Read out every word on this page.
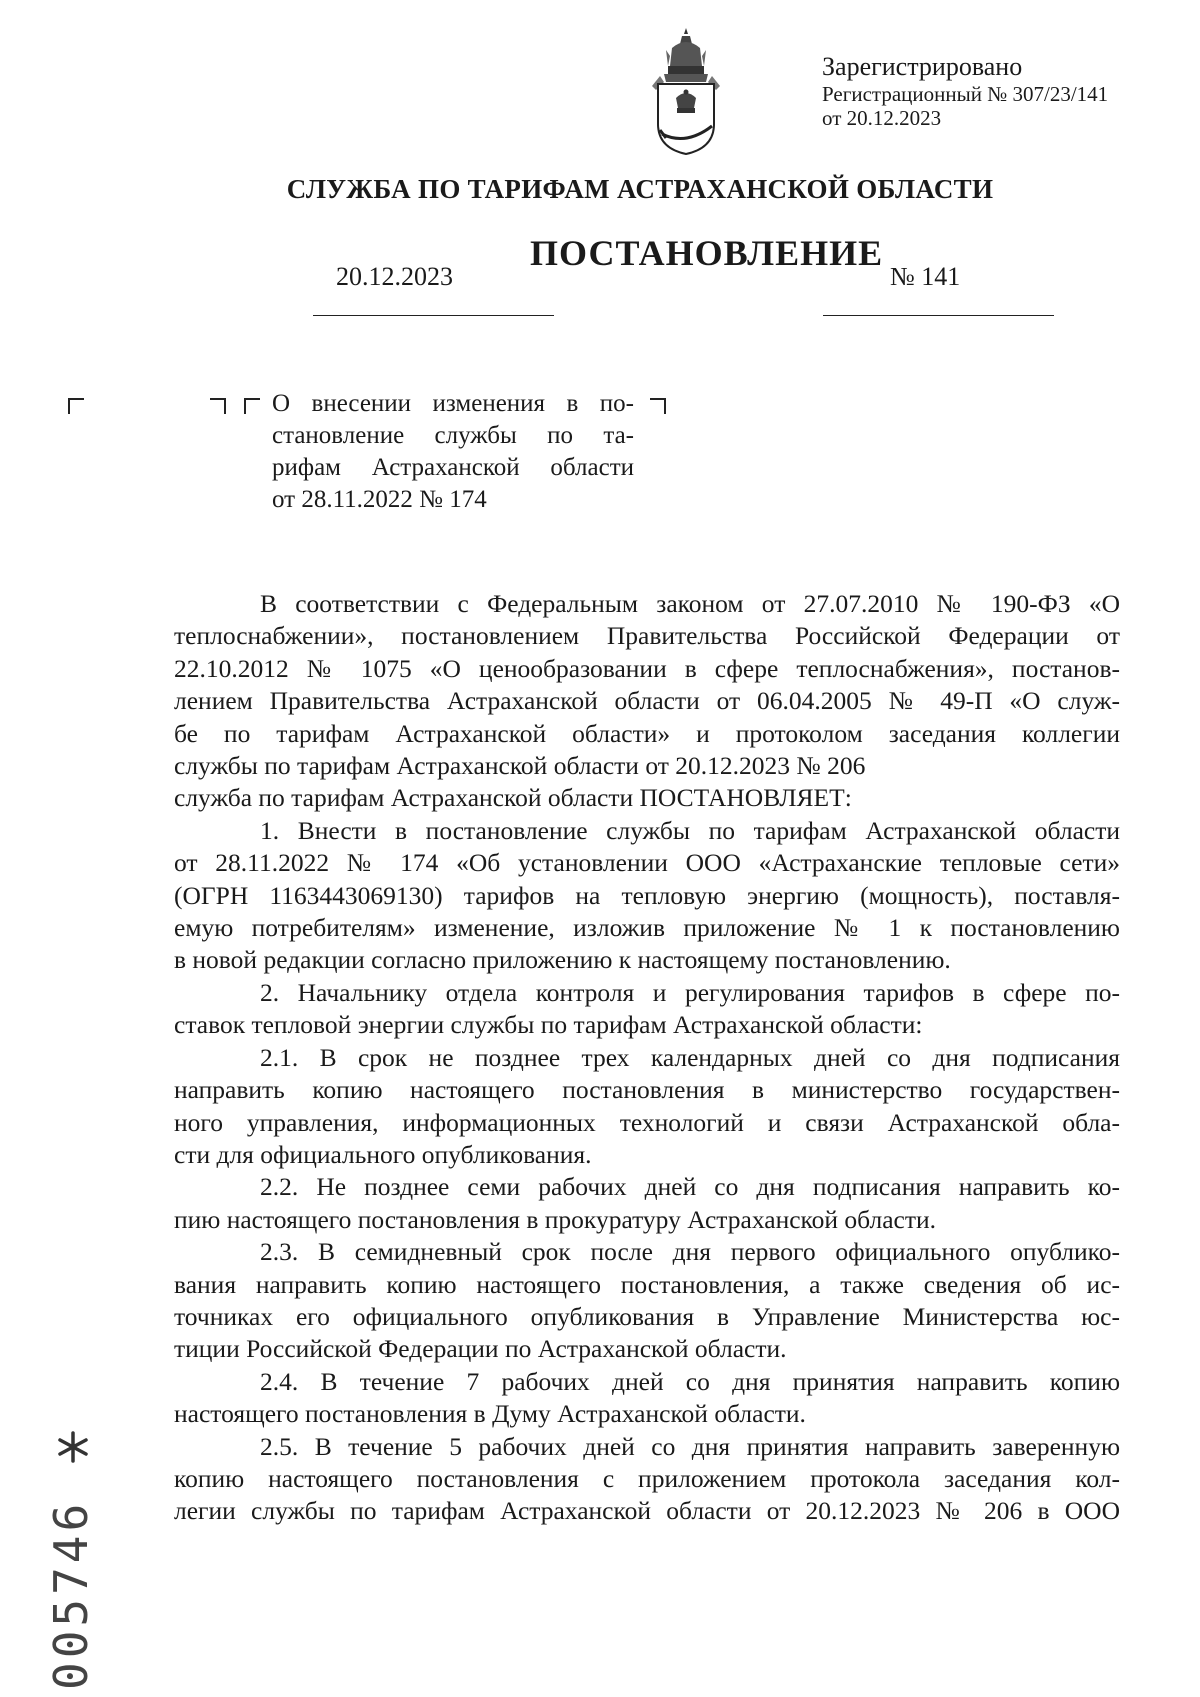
Зарегистрировано
Регистрационный № 307/23/141
от 20.12.2023
СЛУЖБА ПО ТАРИФАМ АСТРАХАНСКОЙ ОБЛАСТИ
ПОСТАНОВЛЕНИЕ
20.12.2023	№ 141
О внесении изменения в по-
становление службы по та-
рифам Астраханской области
от 28.11.2022 № 174
В соответствии с Федеральным законом от 27.07.2010 № 190-ФЗ «О
теплоснабжении», постановлением Правительства Российской Федерации от
22.10.2012 № 1075 «О ценообразовании в сфере теплоснабжения», постанов-
лением Правительства Астраханской области от 06.04.2005 № 49-П «О служ-
бе по тарифам Астраханской области» и протоколом заседания коллегии
службы по тарифам Астраханской области от 20.12.2023 № 206
служба по тарифам Астраханской области ПОСТАНОВЛЯЕТ:
1. Внести в постановление службы по тарифам Астраханской области
от 28.11.2022 № 174 «Об установлении ООО «Астраханские тепловые сети»
(ОГРН 1163443069130) тарифов на тепловую энергию (мощность), поставля-
емую потребителям» изменение, изложив приложение № 1 к постановлению
в новой редакции согласно приложению к настоящему постановлению.
2. Начальнику отдела контроля и регулирования тарифов в сфере по-
ставок тепловой энергии службы по тарифам Астраханской области:
2.1. В срок не позднее трех календарных дней со дня подписания
направить копию настоящего постановления в министерство государствен-
ного управления, информационных технологий и связи Астраханской обла-
сти для официального опубликования.
2.2. Не позднее семи рабочих дней со дня подписания направить ко-
пию настоящего постановления в прокуратуру Астраханской области.
2.3. В семидневный срок после дня первого официального опублико-
вания направить копию настоящего постановления, а также сведения об ис-
точниках его официального опубликования в Управление Министерства юс-
тиции Российской Федерации по Астраханской области.
2.4. В течение 7 рабочих дней со дня принятия направить копию
настоящего постановления в Думу Астраханской области.
2.5. В течение 5 рабочих дней со дня принятия направить заверенную
копию настоящего постановления с приложением протокола заседания кол-
легии службы по тарифам Астраханской области от 20.12.2023 № 206 в ООО
005746
